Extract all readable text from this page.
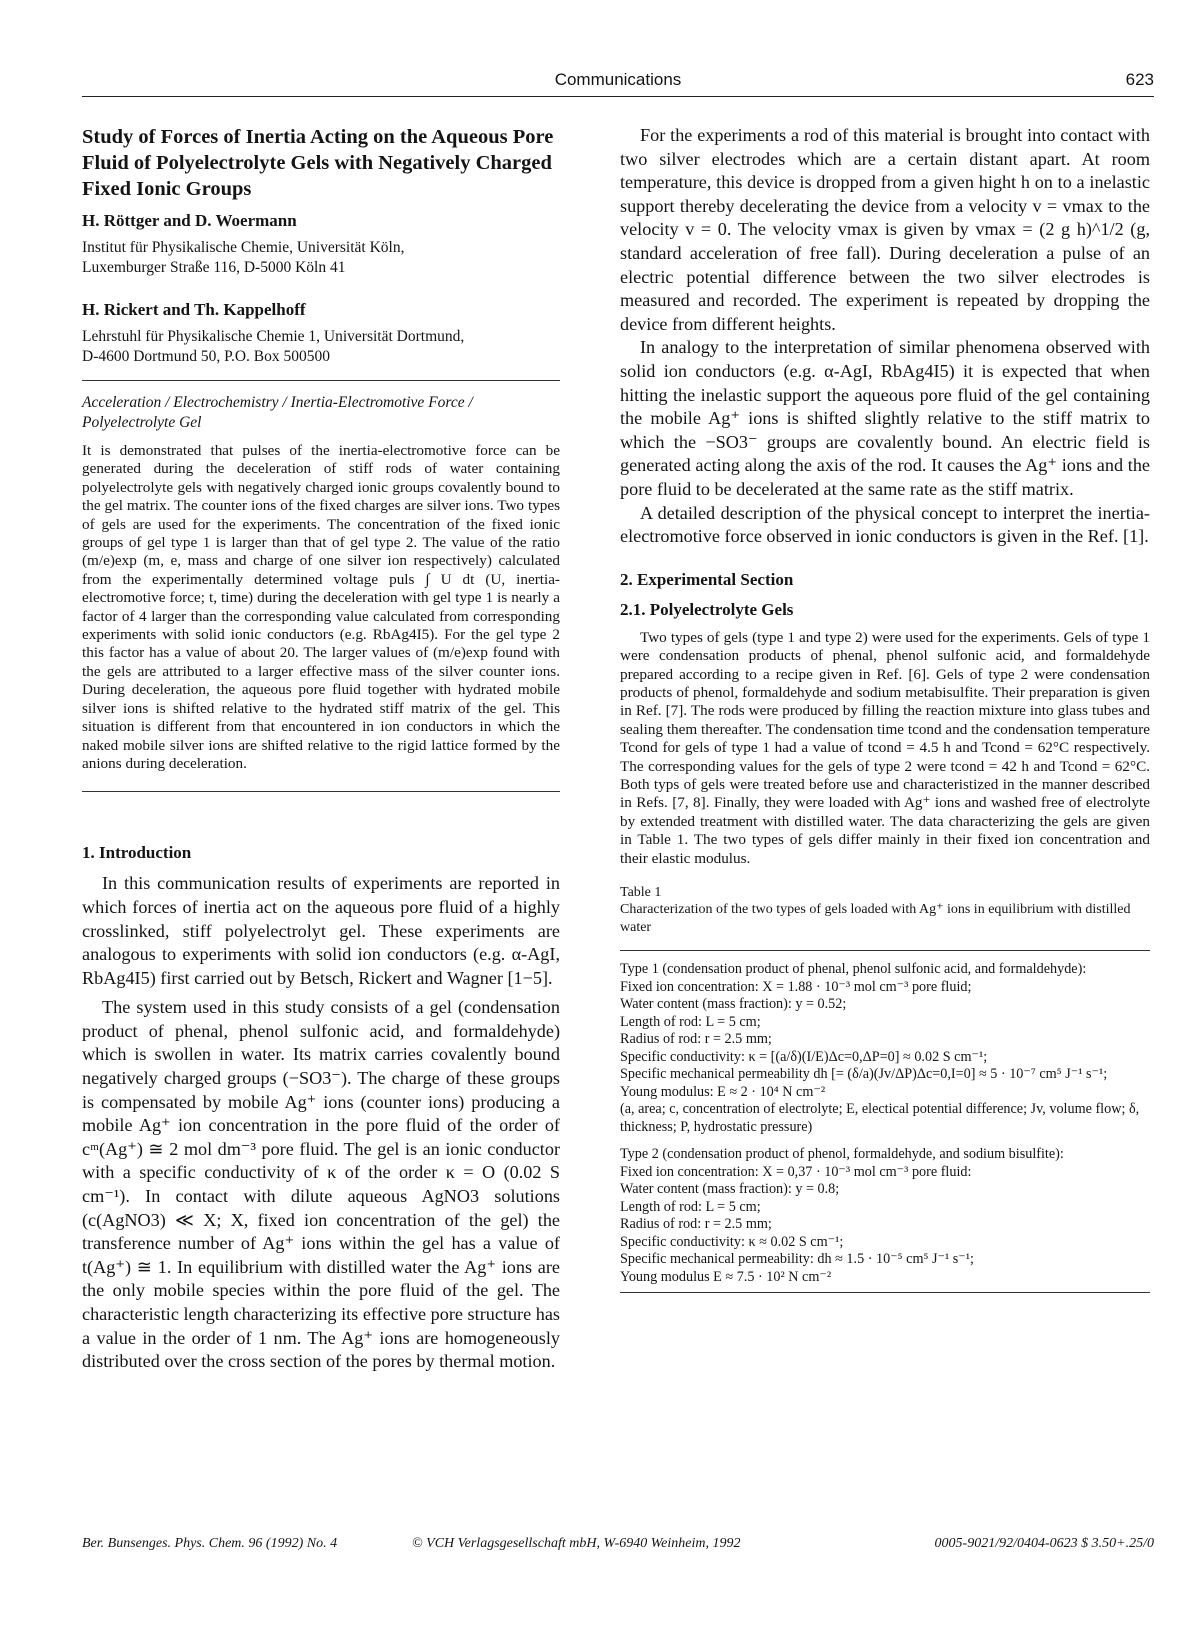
Communications	623
Study of Forces of Inertia Acting on the Aqueous Pore Fluid of Polyelectrolyte Gels with Negatively Charged Fixed Ionic Groups
H. Röttger and D. Woermann
Institut für Physikalische Chemie, Universität Köln,
Luxemburger Straße 116, D-5000 Köln 41
H. Rickert and Th. Kappelhoff
Lehrstuhl für Physikalische Chemie 1, Universität Dortmund,
D-4600 Dortmund 50, P.O. Box 500500

Acceleration / Electrochemistry / Inertia-Electromotive Force / Polyelectrolyte Gel

It is demonstrated that pulses of the inertia-electromotive force can be generated during the deceleration of stiff rods of water containing polyelectrolyte gels with negatively charged ionic groups covalently bound to the gel matrix. The counter ions of the fixed charges are silver ions. Two types of gels are used for the experiments. The concentration of the fixed ionic groups of gel type 1 is larger than that of gel type 2. The value of the ratio (m/e)exp (m, e, mass and charge of one silver ion respectively) calculated from the experimentally determined voltage puls ∫ U dt (U, inertia-electromotive force; t, time) during the deceleration with gel type 1 is nearly a factor of 4 larger than the corresponding value calculated from corresponding experiments with solid ionic conductors (e.g. RbAg4I5). For the gel type 2 this factor has a value of about 20. The larger values of (m/e)exp found with the gels are attributed to a larger effective mass of the silver counter ions. During deceleration, the aqueous pore fluid together with hydrated mobile silver ions is shifted relative to the hydrated stiff matrix of the gel. This situation is different from that encountered in ion conductors in which the naked mobile silver ions are shifted relative to the rigid lattice formed by the anions during deceleration.

1. Introduction

In this communication results of experiments are reported in which forces of inertia act on the aqueous pore fluid of a highly crosslinked, stiff polyelectrolyt gel. These experiments are analogous to experiments with solid ion conductors (e.g. α-AgI, RbAg4I5) first carried out by Betsch, Rickert and Wagner [1−5].

The system used in this study consists of a gel (condensation product of phenal, phenol sulfonic acid, and formaldehyde) which is swollen in water. Its matrix carries covalently bound negatively charged groups (−SO3⁻). The charge of these groups is compensated by mobile Ag⁺ ions (counter ions) producing a mobile Ag⁺ ion concentration in the pore fluid of the order of cᵐ(Ag⁺) ≅ 2 mol dm⁻³ pore fluid. The gel is an ionic conductor with a specific conductivity of κ of the order κ = O (0.02 S cm⁻¹). In contact with dilute aqueous AgNO3 solutions (c(AgNO3) ≪ X; X, fixed ion concentration of the gel) the transference number of Ag⁺ ions within the gel has a value of t(Ag⁺) ≅ 1. In equilibrium with distilled water the Ag⁺ ions are the only mobile species within the pore fluid of the gel. The characteristic length characterizing its effective pore structure has a value in the order of 1 nm. The Ag⁺ ions are homogeneously distributed over the cross section of the pores by thermal motion.

For the experiments a rod of this material is brought into contact with two silver electrodes which are a certain distant apart. At room temperature, this device is dropped from a given hight h on to a inelastic support thereby decelerating the device from a velocity v = vmax to the velocity v = 0. The velocity vmax is given by vmax = (2 g h)^1/2 (g, standard acceleration of free fall). During deceleration a pulse of an electric potential difference between the two silver electrodes is measured and recorded. The experiment is repeated by dropping the device from different heights.

In analogy to the interpretation of similar phenomena observed with solid ion conductors (e.g. α-AgI, RbAg4I5) it is expected that when hitting the inelastic support the aqueous pore fluid of the gel containing the mobile Ag⁺ ions is shifted slightly relative to the stiff matrix to which the −SO3⁻ groups are covalently bound. An electric field is generated acting along the axis of the rod. It causes the Ag⁺ ions and the pore fluid to be decelerated at the same rate as the stiff matrix.

A detailed description of the physical concept to interpret the inertia-electromotive force observed in ionic conductors is given in the Ref. [1].

2. Experimental Section
2.1. Polyelectrolyte Gels

Two types of gels (type 1 and type 2) were used for the experiments. Gels of type 1 were condensation products of phenal, phenol sulfonic acid, and formaldehyde prepared according to a recipe given in Ref. [6]. Gels of type 2 were condensation products of phenol, formaldehyde and sodium metabisulfite. Their preparation is given in Ref. [7]. The rods were produced by filling the reaction mixture into glass tubes and sealing them thereafter. The condensation time tcond and the condensation temperature Tcond for gels of type 1 had a value of tcond = 4.5 h and Tcond = 62°C respectively. The corresponding values for the gels of type 2 were tcond = 42 h and Tcond = 62°C. Both typs of gels were treated before use and characteristized in the manner described in Refs. [7, 8]. Finally, they were loaded with Ag⁺ ions and washed free of electrolyte by extended treatment with distilled water. The data characterizing the gels are given in Table 1. The two types of gels differ mainly in their fixed ion concentration and their elastic modulus.

Table 1

Characterization of the two types of gels loaded with Ag⁺ ions in equilibrium with distilled water

Type 1 (condensation product of phenal, phenol sulfonic acid, and formaldehyde):
Fixed ion concentration: X = 1.88 · 10⁻³ mol cm⁻³ pore fluid;
Water content (mass fraction): y = 0.52;
Length of rod: L = 5 cm;
Radius of rod: r = 2.5 mm;
Specific conductivity: κ = [(a/δ)(I/E)Δc=0,ΔP=0] ≈ 0.02 S cm⁻¹;
Specific mechanical permeability dh [= (δ/a)(Jv/ΔP)Δc=0,I=0] ≈ 5 · 10⁻⁷ cm⁵ J⁻¹ s⁻¹;
Young modulus: E ≈ 2 · 10⁴ N cm⁻²
(a, area; c, concentration of electrolyte; E, electical potential difference; Jv, volume flow; δ, thickness; P, hydrostatic pressure)
Type 2 (condensation product of phenol, formaldehyde, and sodium bisulfite):
Fixed ion concentration: X = 0,37 · 10⁻³ mol cm⁻³ pore fluid:
Water content (mass fraction): y = 0.8;
Length of rod: L = 5 cm;
Radius of rod: r = 2.5 mm;
Specific conductivity: κ ≈ 0.02 S cm⁻¹;
Specific mechanical permeability: dh ≈ 1.5 · 10⁻⁵ cm⁵ J⁻¹ s⁻¹;
Young modulus E ≈ 7.5 · 10² N cm⁻²
Ber. Bunsenges. Phys. Chem. 96 (1992) No. 4	© VCH Verlagsgesellschaft mbH, W-6940 Weinheim, 1992	0005-9021/92/0404-0623 $ 3.50+.25/0
